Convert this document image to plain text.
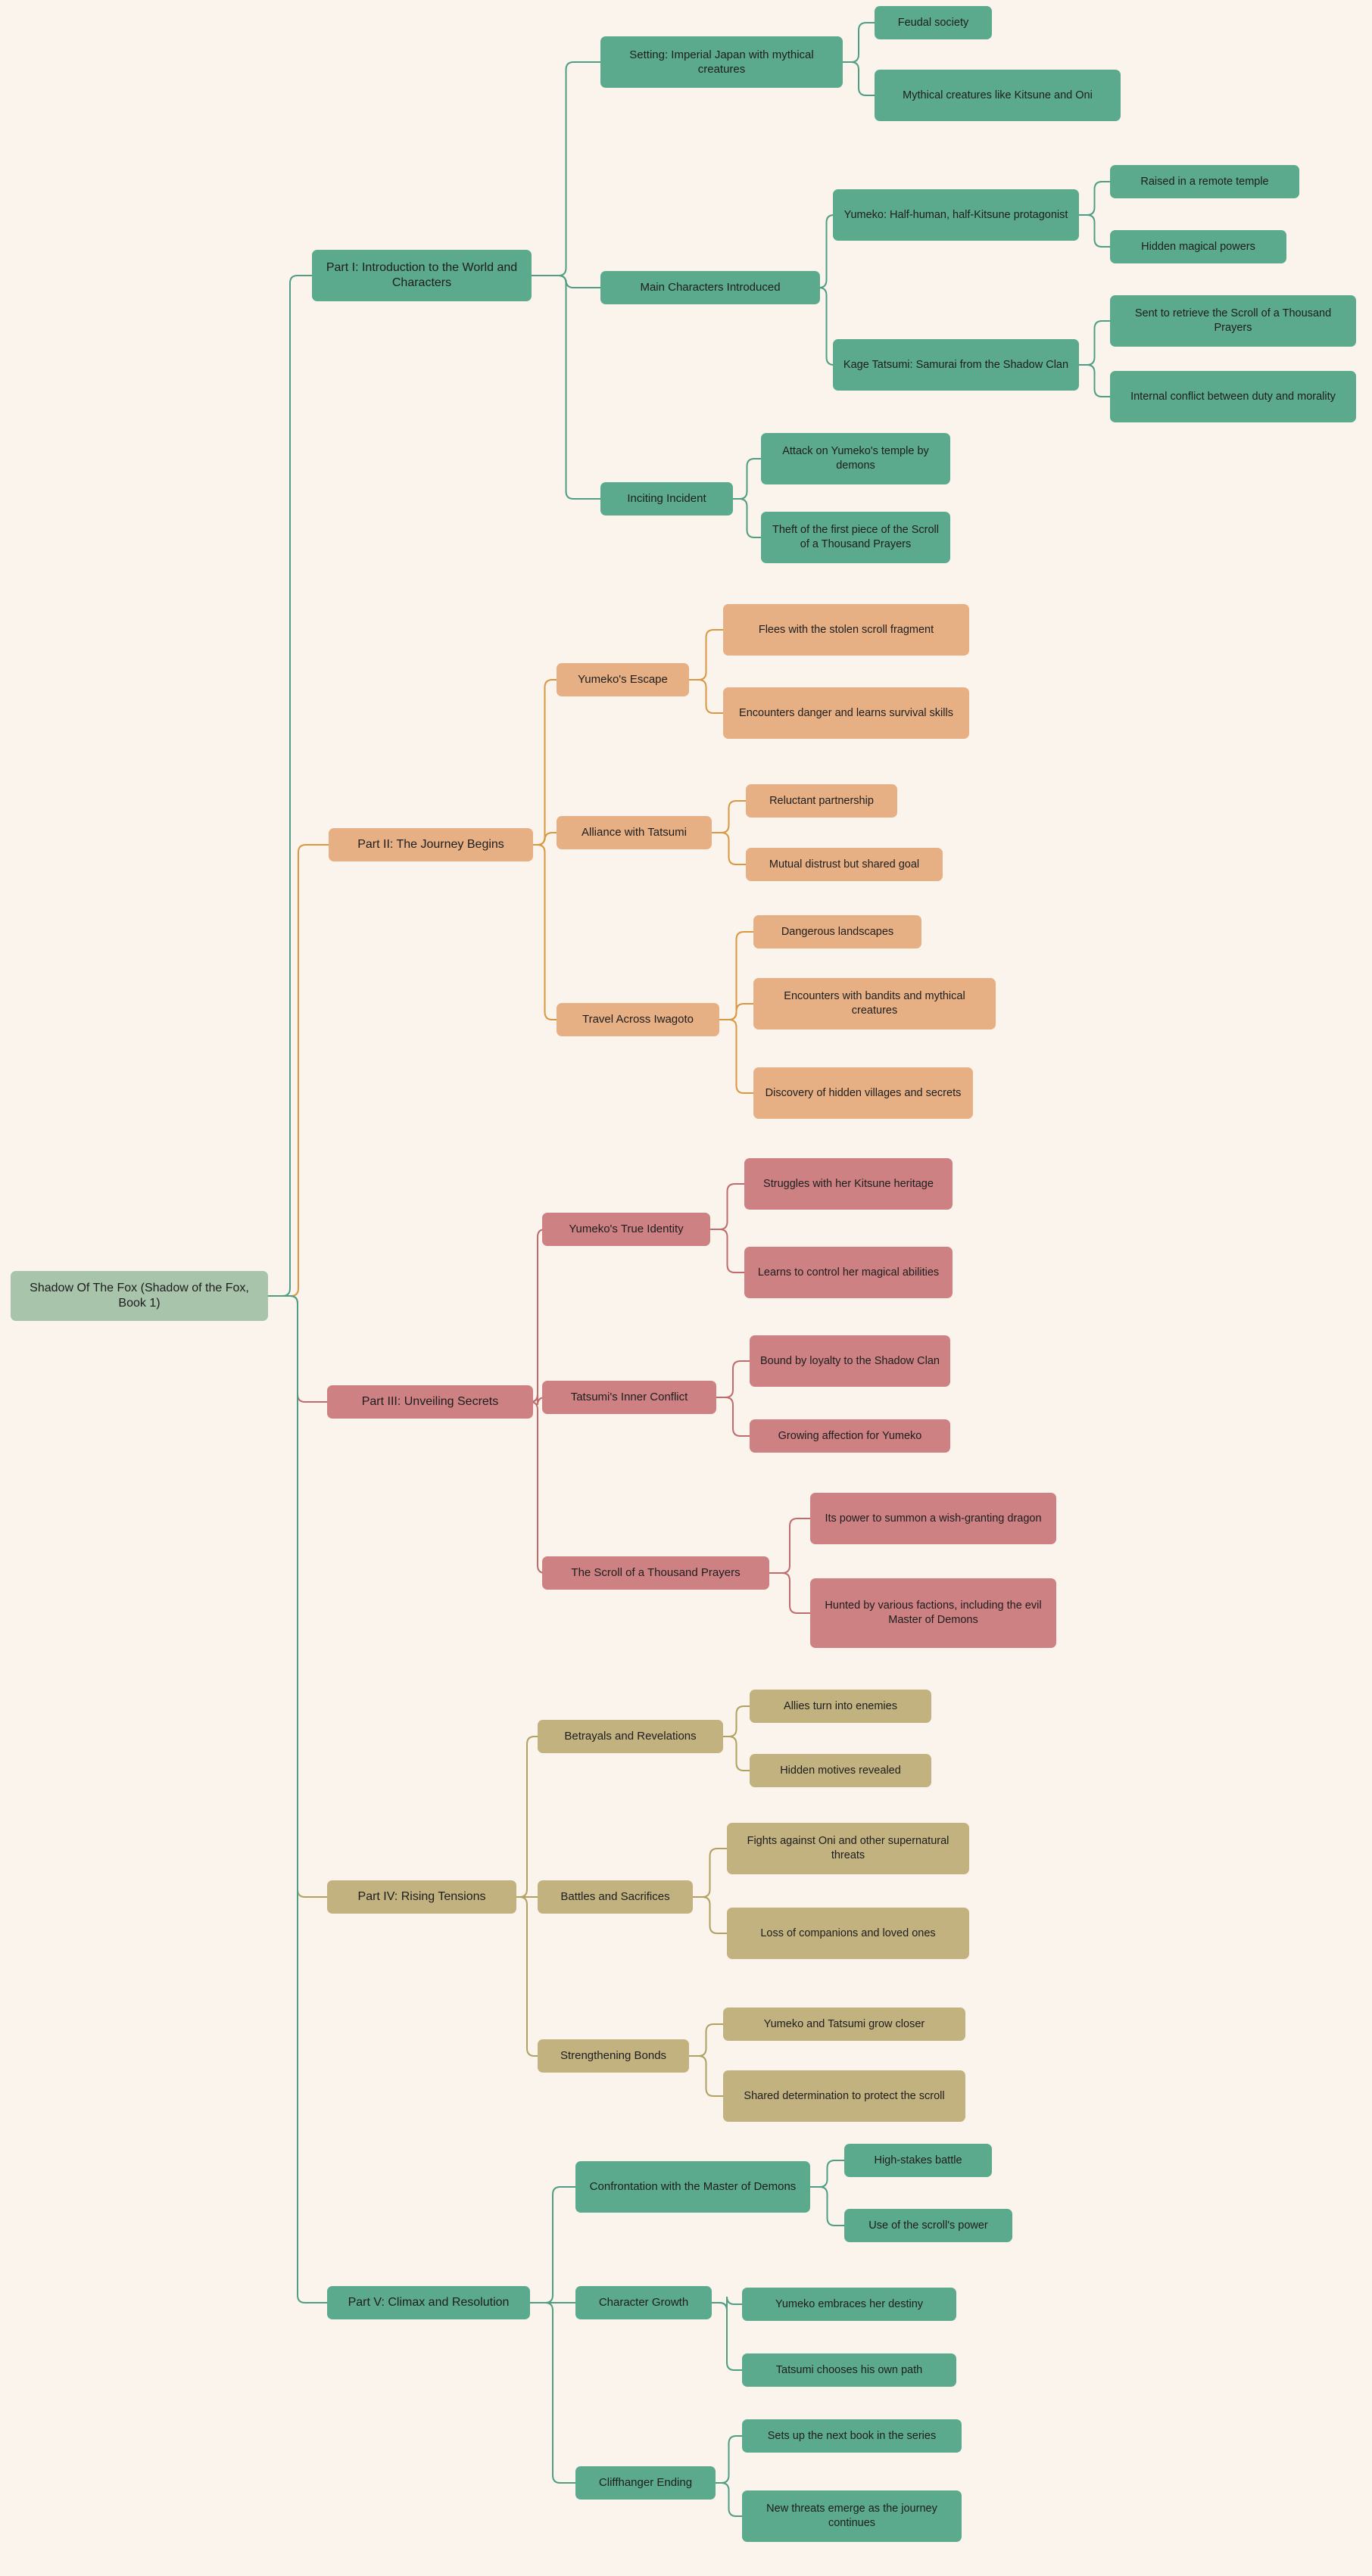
Shadow Of The Fox (Shadow of the Fox, Book 1)
Part I: Introduction to the World and Characters
Setting: Imperial Japan with mythical creatures
Feudal society
Mythical creatures like Kitsune and Oni
Main Characters Introduced
Yumeko: Half-human, half-Kitsune protagonist
Raised in a remote temple
Hidden magical powers
Kage Tatsumi: Samurai from the Shadow Clan
Sent to retrieve the Scroll of a Thousand Prayers
Internal conflict between duty and morality
Inciting Incident
Attack on Yumeko's temple by demons
Theft of the first piece of the Scroll of a Thousand Prayers
Part II: The Journey Begins
Yumeko's Escape
Flees with the stolen scroll fragment
Encounters danger and learns survival skills
Alliance with Tatsumi
Reluctant partnership
Mutual distrust but shared goal
Travel Across Iwagoto
Dangerous landscapes
Encounters with bandits and mythical creatures
Discovery of hidden villages and secrets
Part III: Unveiling Secrets
Yumeko's True Identity
Struggles with her Kitsune heritage
Learns to control her magical abilities
Tatsumi's Inner Conflict
Bound by loyalty to the Shadow Clan
Growing affection for Yumeko
The Scroll of a Thousand Prayers
Its power to summon a wish-granting dragon
Hunted by various factions, including the evil Master of Demons
Part IV: Rising Tensions
Betrayals and Revelations
Allies turn into enemies
Hidden motives revealed
Battles and Sacrifices
Fights against Oni and other supernatural threats
Loss of companions and loved ones
Strengthening Bonds
Yumeko and Tatsumi grow closer
Shared determination to protect the scroll
Part V: Climax and Resolution
Confrontation with the Master of Demons
High-stakes battle
Use of the scroll's power
Character Growth	Yumeko embraces her destiny
Tatsumi chooses his own path
Cliffhanger Ending
Sets up the next book in the series
New threats emerge as the journey continues
